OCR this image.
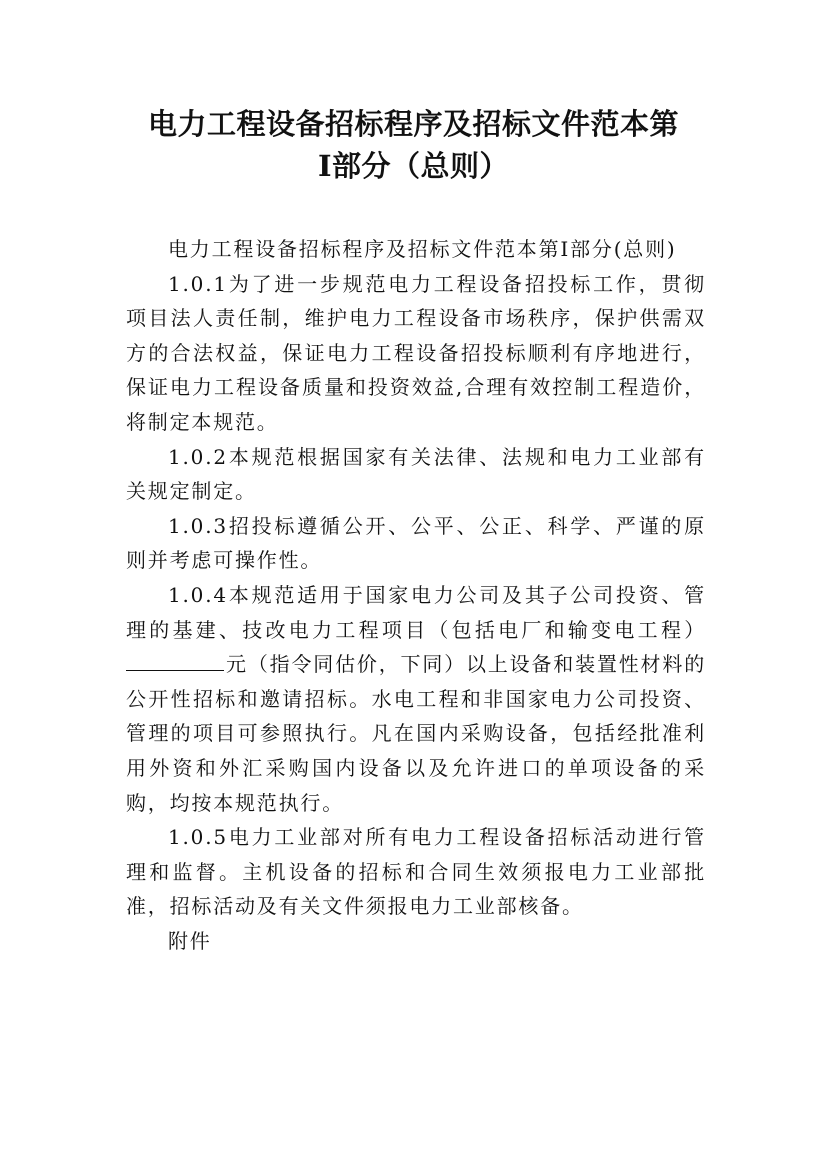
电力工程设备招标程序及招标文件范本第
Ⅰ部分（总则）

电力工程设备招标程序及招标文件范本第Ⅰ部分(总则)

1.0.1为了进一步规范电力工程设备招投标工作，贯彻项目法人责任制，维护电力工程设备市场秩序，保护供需双方的合法权益，保证电力工程设备招投标顺利有序地进行，保证电力工程设备质量和投资效益,合理有效控制工程造价，将制定本规范。

1.0.2本规范根据国家有关法律、法规和电力工业部有关规定制定。

1.0.3招投标遵循公开、公平、公正、科学、严谨的原则并考虑可操作性。

1.0.4本规范适用于国家电力公司及其子公司投资、管理的基建、技改电力工程项目（包括电厂和输变电工程）元（指令同估价，下同）以上设备和装置性材料的公开性招标和邀请招标。水电工程和非国家电力公司投资、管理的项目可参照执行。凡在国内采购设备，包括经批准利用外资和外汇采购国内设备以及允许进口的单项设备的采购，均按本规范执行。

1.0.5电力工业部对所有电力工程设备招标活动进行管理和监督。主机设备的招标和合同生效须报电力工业部批准，招标活动及有关文件须报电力工业部核备。

附件
